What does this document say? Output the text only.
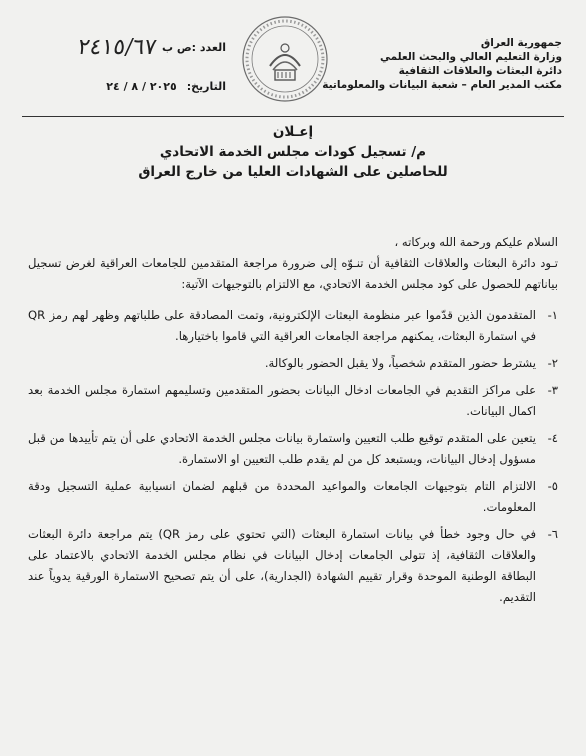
جمهورية العراق
وزارة التعليم العالي والبحث العلمي
دائرة البعثات والعلاقات الثقافية
مكتب المدير العام – شعبة البيانات والمعلوماتية
العدد :ص ب
٢٤١٥/٦٧
التاريخ:
٢٠٢٥ / ٨ / ٢٤
إعـلان
م/ تسجيل كودات مجلس الخدمة الاتحادي
للحاصلين على الشهادات العليا من خارج العراق

السلام عليكم ورحمة الله وبركاته ،

تـود دائرة البعثات والعلاقات الثقافية أن تنـوّه إلى ضرورة مراجعة المتقدمين للجامعات العراقية لغرض تسجيل بياناتهم للحصول على كود مجلس الخدمة الاتحادي، مع الالتزام بالتوجيهات الآتية:

١-
المتقدمون الذين قدّموا عبر منظومة البعثات الإلكترونية، وتمت المصادقة على طلباتهم وظهر لهم رمز QR في استمارة البعثات، يمكنهم مراجعة الجامعات العراقية التي قاموا باختيارها.
٢-
يشترط حضور المتقدم شخصياً، ولا يقبل الحضور بالوكالة.
٣-
على مراكز التقديم في الجامعات ادخال البيانات بحضور المتقدمين وتسليمهم استمارة مجلس الخدمة بعد اكمال البيانات.
٤-
يتعين على المتقدم توقيع طلب التعيين واستمارة بيانات مجلس الخدمة الاتحادي على أن يتم تأييدها من قبل مسؤول إدخال البيانات، ويستبعد كل من لم يقدم طلب التعيين او الاستمارة.
٥-
الالتزام التام بتوجيهات الجامعات والمواعيد المحددة من قبلهم لضمان انسيابية عملية التسجيل ودقة المعلومات.
٦-
في حال وجود خطأ في بيانات استمارة البعثات (التي تحتوي على رمز QR) يتم مراجعة دائرة البعثات والعلاقات الثقافية، إذ تتولى الجامعات إدخال البيانات في نظام مجلس الخدمة الاتحادي بالاعتماد على البطاقة الوطنية الموحدة وقرار تقييم الشهادة (الجدارية)، على أن يتم تصحيح الاستمارة الورقية يدوياً عند التقديم.
